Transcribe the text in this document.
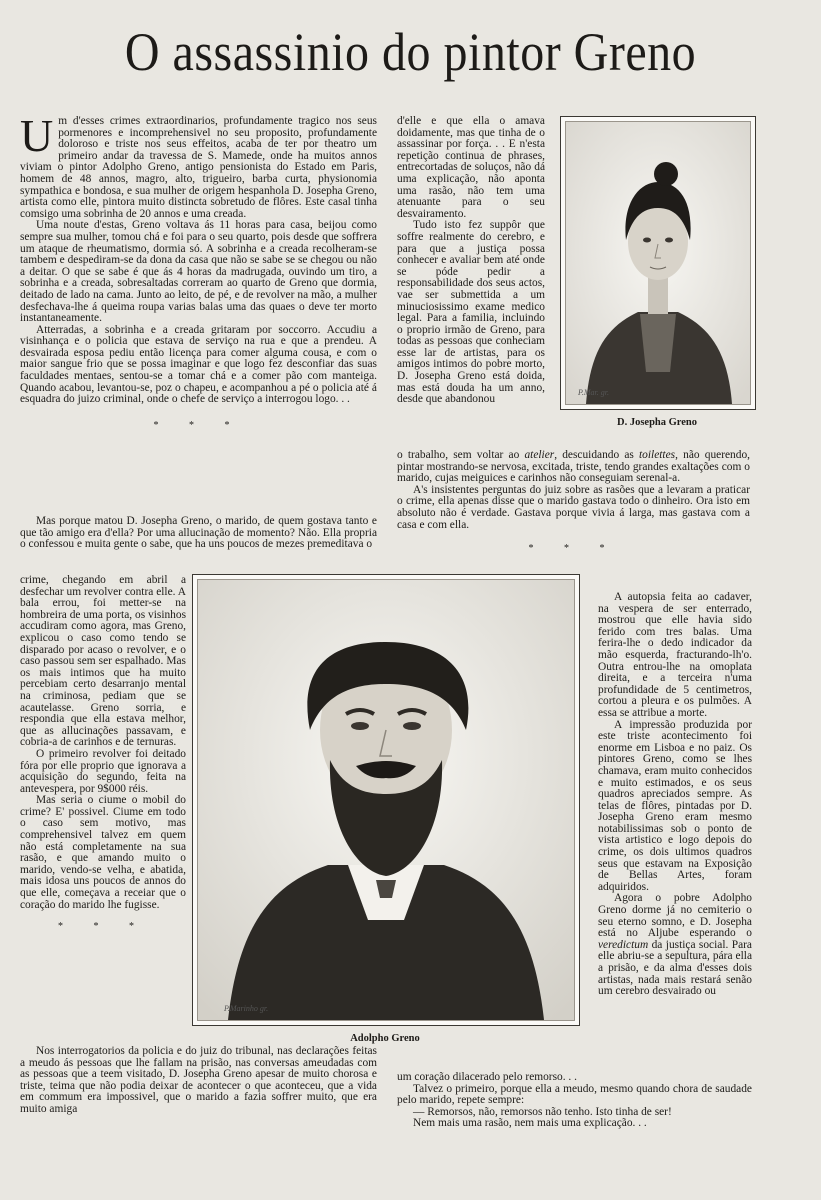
O assassinio do pintor Greno

Um d'esses crimes extraordinarios, profundamente tragico nos seus pormenores e incomprehensivel no seu proposito, profundamente doloroso e triste nos seus effeitos, acaba de ter por theatro um primeiro andar da travessa de S. Mamede, onde ha muitos annos viviam o pintor Adolpho Greno, antigo pensionista do Estado em Paris, homem de 48 annos, magro, alto, trigueiro, barba curta, physionomia sympathica e bondosa, e sua mulher de origem hespanhola D. Josepha Greno, artista como elle, pintora muito distincta sobretudo de flôres. Este casal tinha comsigo uma sobrinha de 20 annos e uma creada.

Uma noute d'estas, Greno voltava ás 11 horas para casa, beijou como sempre sua mulher, tomou chá e foi para o seu quarto, pois desde que soffrera um ataque de rheumatismo, dormia só. A sobrinha e a creada recolheram-se tambem e despediram-se da dona da casa que não se sabe se se chegou ou não a deitar. O que se sabe é que ás 4 horas da madrugada, ouvindo um tiro, a sobrinha e a creada, sobresaltadas correram ao quarto de Greno que dormia, deitado de lado na cama. Junto ao leito, de pé, e de revolver na mão, a mulher desfechava-lhe á queima roupa varias balas uma das quaes o deve ter morto instantaneamente.

Atterradas, a sobrinha e a creada gritaram por soccorro. Accudiu a visinhança e o policia que estava de serviço na rua e que a prendeu. A desvairada esposa pediu então licença para comer alguma cousa, e com o maior sangue frio que se possa imaginar e que logo fez desconfiar das suas faculdades mentaes, sentou-se a tomar chá e a comer pão com manteiga. Quando acabou, levantou-se, poz o chapeu, e acompanhou a pé o policia até á esquadra do juizo criminal, onde o chefe de serviço a interrogou logo. . .

* * *

Mas porque matou D. Josepha Greno, o marido, de quem gostava tanto e que tão amigo era d'ella? Por uma allucinação de momento? Não. Ella propria o confessou e muita gente o sabe, que ha uns poucos de mezes premeditava o

crime, chegando em abril a desfechar um revolver contra elle. A bala errou, foi metter-se na hombreira de uma porta, os visinhos accudiram como agora, mas Greno, explicou o caso como tendo se disparado por acaso o revolver, e o caso passou sem ser espalhado. Mas os mais intimos que ha muito percebiam certo desarranjo mental na criminosa, pediam que se acautelasse. Greno sorria, e respondia que ella estava melhor, que as allucinações passavam, e cobria-a de carinhos e de ternuras.

O primeiro revolver foi deitado fóra por elle proprio que ignorava a acquisição do segundo, feita na antevespera, por 9$000 réis.

Mas seria o ciume o mobil do crime? E' possivel. Ciume em todo o caso sem motivo, mas comprehensivel talvez em quem não está completamente na sua rasão, e que amando muito o marido, vendo-se velha, e abatida, mais idosa uns poucos de annos do que elle, começava a receiar que o coração do marido lhe fugisse.

* * *

Nos interrogatorios da policia e do juiz do tribunal, nas declarações feitas a meudo ás pessoas que lhe fallam na prisão, nas conversas ameudadas com as pessoas que a teem visitado, D. Josepha Greno apesar de muito chorosa e triste, teima que não podia deixar de acontecer o que aconteceu, que a vida em commum era impossivel, que o marido a fazia soffrer muito, que era muito amiga

d'elle e que ella o amava doidamente, mas que tinha de o assassinar por força. . . E n'esta repetição continua de phrases, entrecortadas de soluços, não dá uma explicação, não aponta uma rasão, não tem uma atenuante para o seu desvairamento.

Tudo isto fez suppôr que soffre realmente do cerebro, e para que a justiça possa conhecer e avaliar bem até onde se póde pedir a responsabilidade dos seus actos, vae ser submettida a um minuciosissimo exame medico legal. Para a familia, incluindo o proprio irmão de Greno, para todas as pessoas que conheciam esse lar de artistas, para os amigos intimos do pobre morto, D. Josepha Greno está doida, mas está douda ha um anno, desde que abandonou

o trabalho, sem voltar ao atelier, descuidando as toilettes, não querendo, pintar mostrando-se nervosa, excitada, triste, tendo grandes exaltações com o marido, cujas meiguices e carinhos não conseguiam serenal-a.

A's insistentes perguntas do juiz sobre as rasões que a levaram a praticar o crime, ella apenas disse que o marido gastava todo o dinheiro. Ora isto em absoluto não é verdade. Gastava porque vivia á larga, mas gastava com a casa e com ella.

* * *

A autopsia feita ao cadaver, na vespera de ser enterrado, mostrou que elle havia sido ferido com tres balas. Uma ferira-lhe o dedo indicador da mão esquerda, fracturando-lh'o. Outra entrou-lhe na omoplata direita, e a terceira n'uma profundidade de 5 centimetros, cortou a pleura e os pulmões. A essa se attribue a morte.

A impressão produzida por este triste acontecimento foi enorme em Lisboa e no paiz. Os pintores Greno, como se lhes chamava, eram muito conhecidos e muito estimados, e os seus quadros apreciados sempre. As telas de flôres, pintadas por D. Josepha Greno eram mesmo notabilissimas sob o ponto de vista artistico e logo depois do crime, os dois ultimos quadros seus que estavam na Exposição de Bellas Artes, foram adquiridos.

Agora o pobre Adolpho Greno dorme já no cemiterio o seu eterno somno, e D. Josepha está no Aljube esperando o veredictum da justiça social. Para elle abriu-se a sepultura, pára ella a prisão, e da alma d'esses dois artistas, nada mais restará senão um cerebro desvairado ou

um coração dilacerado pelo remorso. . .

Talvez o primeiro, porque ella a meudo, mesmo quando chora de saudade pelo marido, repete sempre:

— Remorsos, não, remorsos não tenho. Isto tinha de ser!

Nem mais uma rasão, nem mais uma explicação. . .

P.Mar. gr.
D. Josepha Greno
P.Marinho gr.
Adolpho Greno
